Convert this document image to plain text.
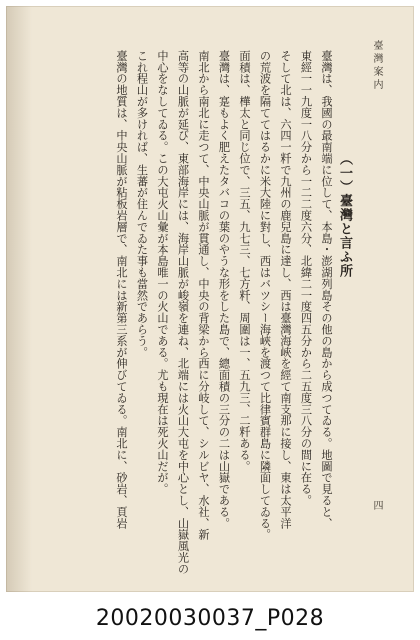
臺灣案内
（一）臺灣と言ふ所
四
臺灣は、我國の最南端に位して、本島・澎湖列島その他の島から成つてゐる。地圖で見ると、
東經一一九度一八分から一二二度六分、北緯二一度四五分から二五度三八分の間に在る。
そして北は、六四一粁で九州の鹿兒島に達し、西は臺灣海峽を經て南支那に接し、東は太平洋
の荒波を隔ててはるかに米大陸に對し、西はバツシー海峽を渡つて比律賓群島に隣面してゐる。
面積は、樺太と同じ位で、三五、九七三、七方粁、周圍は一、五九三、二粁ある。
臺灣は、寔もよく肥えたタバコの葉のやうな形をした島で、總面積の三分の二は山嶽である。
南北から南北に走つて、中央山脈が貫通し、中央の背梁から西に分岐して、シルビヤ、水社、新
高等の山脈が延び、東部海岸には、海岸山脈が峻嶺を連ね、北端には火山大屯を中心とし、山嶽風光の
中心をなしてゐる。この大屯火山彙が本島唯一の火山である。尤も現在は死火山だが。
これ程山が多ければ、生蕃が住んでゐた事も當然であらう。
臺灣の地質は、中央山脈が粘板岩層で、南北には新第三系が伸びてゐる。南北に、砂岩、頁岩
20020030037_P028
